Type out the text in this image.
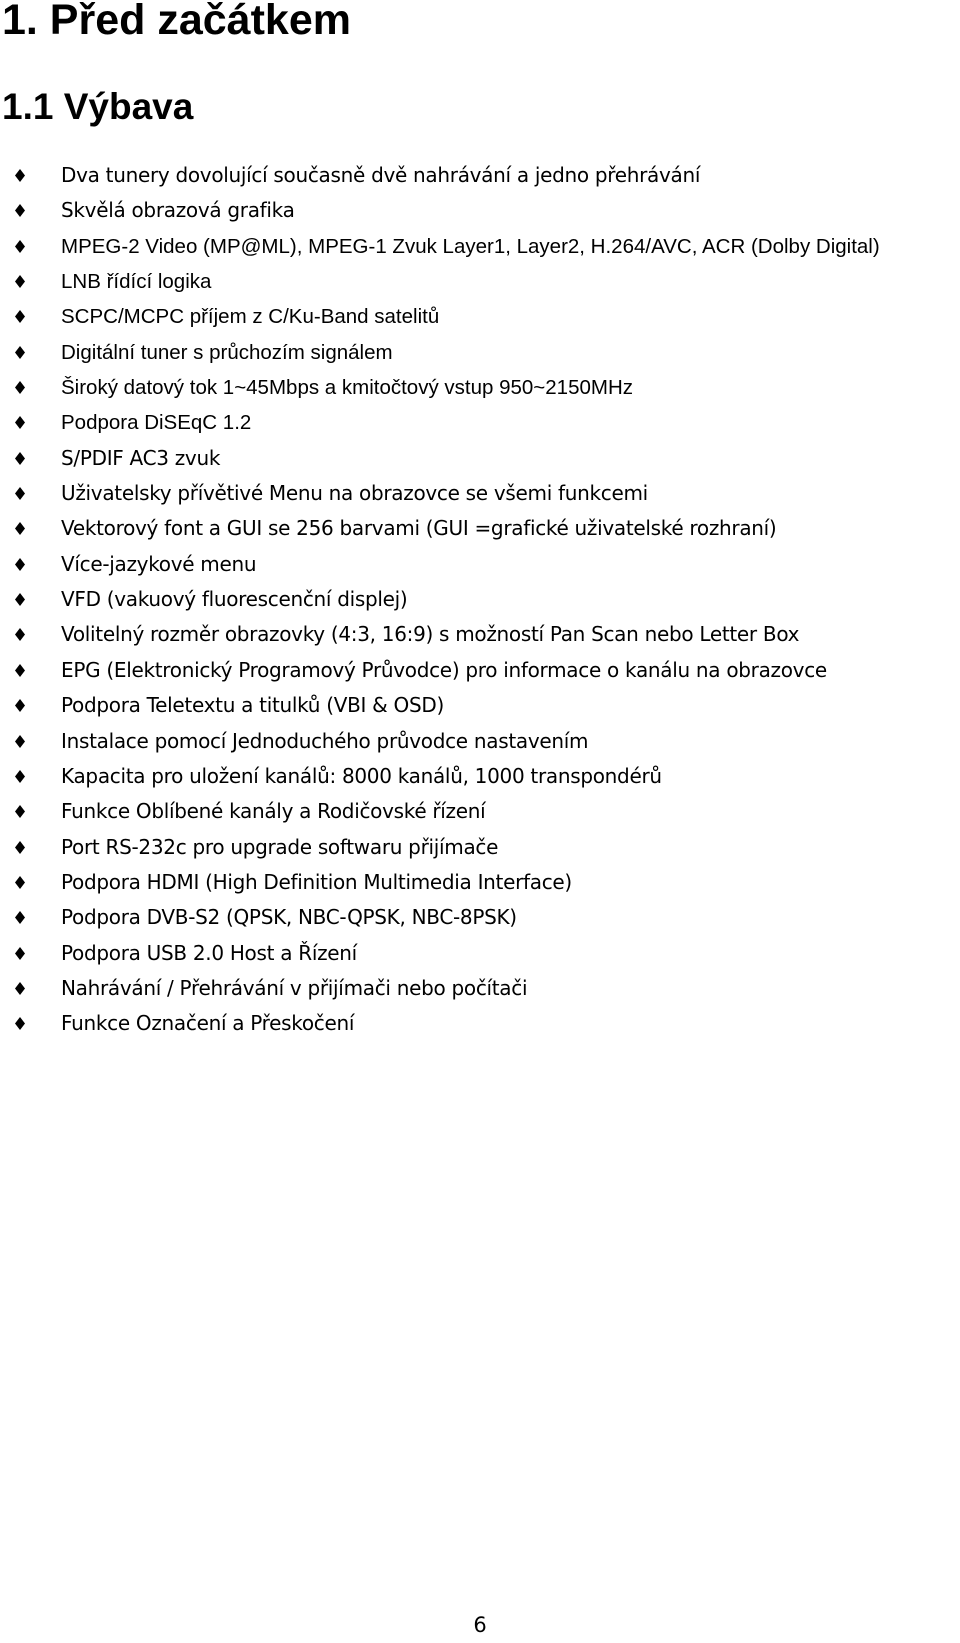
1. Před začátkem
1.1 Výbava
Dva tunery dovolující současně dvě nahrávání a jedno přehrávání
Skvělá obrazová grafika
MPEG-2 Video (MP@ML), MPEG-1 Zvuk Layer1, Layer2, H.264/AVC, ACR (Dolby Digital)
LNB řídící logika
SCPC/MCPC příjem z C/Ku-Band satelitů
Digitální tuner s průchozím signálem
Široký datový tok 1~45Mbps a kmitočtový vstup 950~2150MHz
Podpora DiSEqC 1.2
S/PDIF AC3 zvuk
Uživatelsky přívětivé Menu na obrazovce se všemi funkcemi
Vektorový font a GUI se 256 barvami (GUI =grafické uživatelské rozhraní)
Více-jazykové menu
VFD (vakuový fluorescenční displej)
Volitelný rozměr obrazovky (4:3, 16:9) s možností Pan Scan nebo Letter Box
EPG (Elektronický Programový Průvodce) pro informace o kanálu na obrazovce
Podpora Teletextu a titulků (VBI & OSD)
Instalace pomocí Jednoduchého průvodce nastavením
Kapacita pro uložení kanálů: 8000 kanálů, 1000 transpondérů
Funkce Oblíbené kanály a Rodičovské řízení
Port RS-232c pro upgrade softwaru přijímače
Podpora HDMI (High Definition Multimedia Interface)
Podpora DVB-S2 (QPSK, NBC-QPSK, NBC-8PSK)
Podpora USB 2.0 Host a Řízení
Nahrávání / Přehrávání v přijímači nebo počítači
Funkce Označení a Přeskočení
6
